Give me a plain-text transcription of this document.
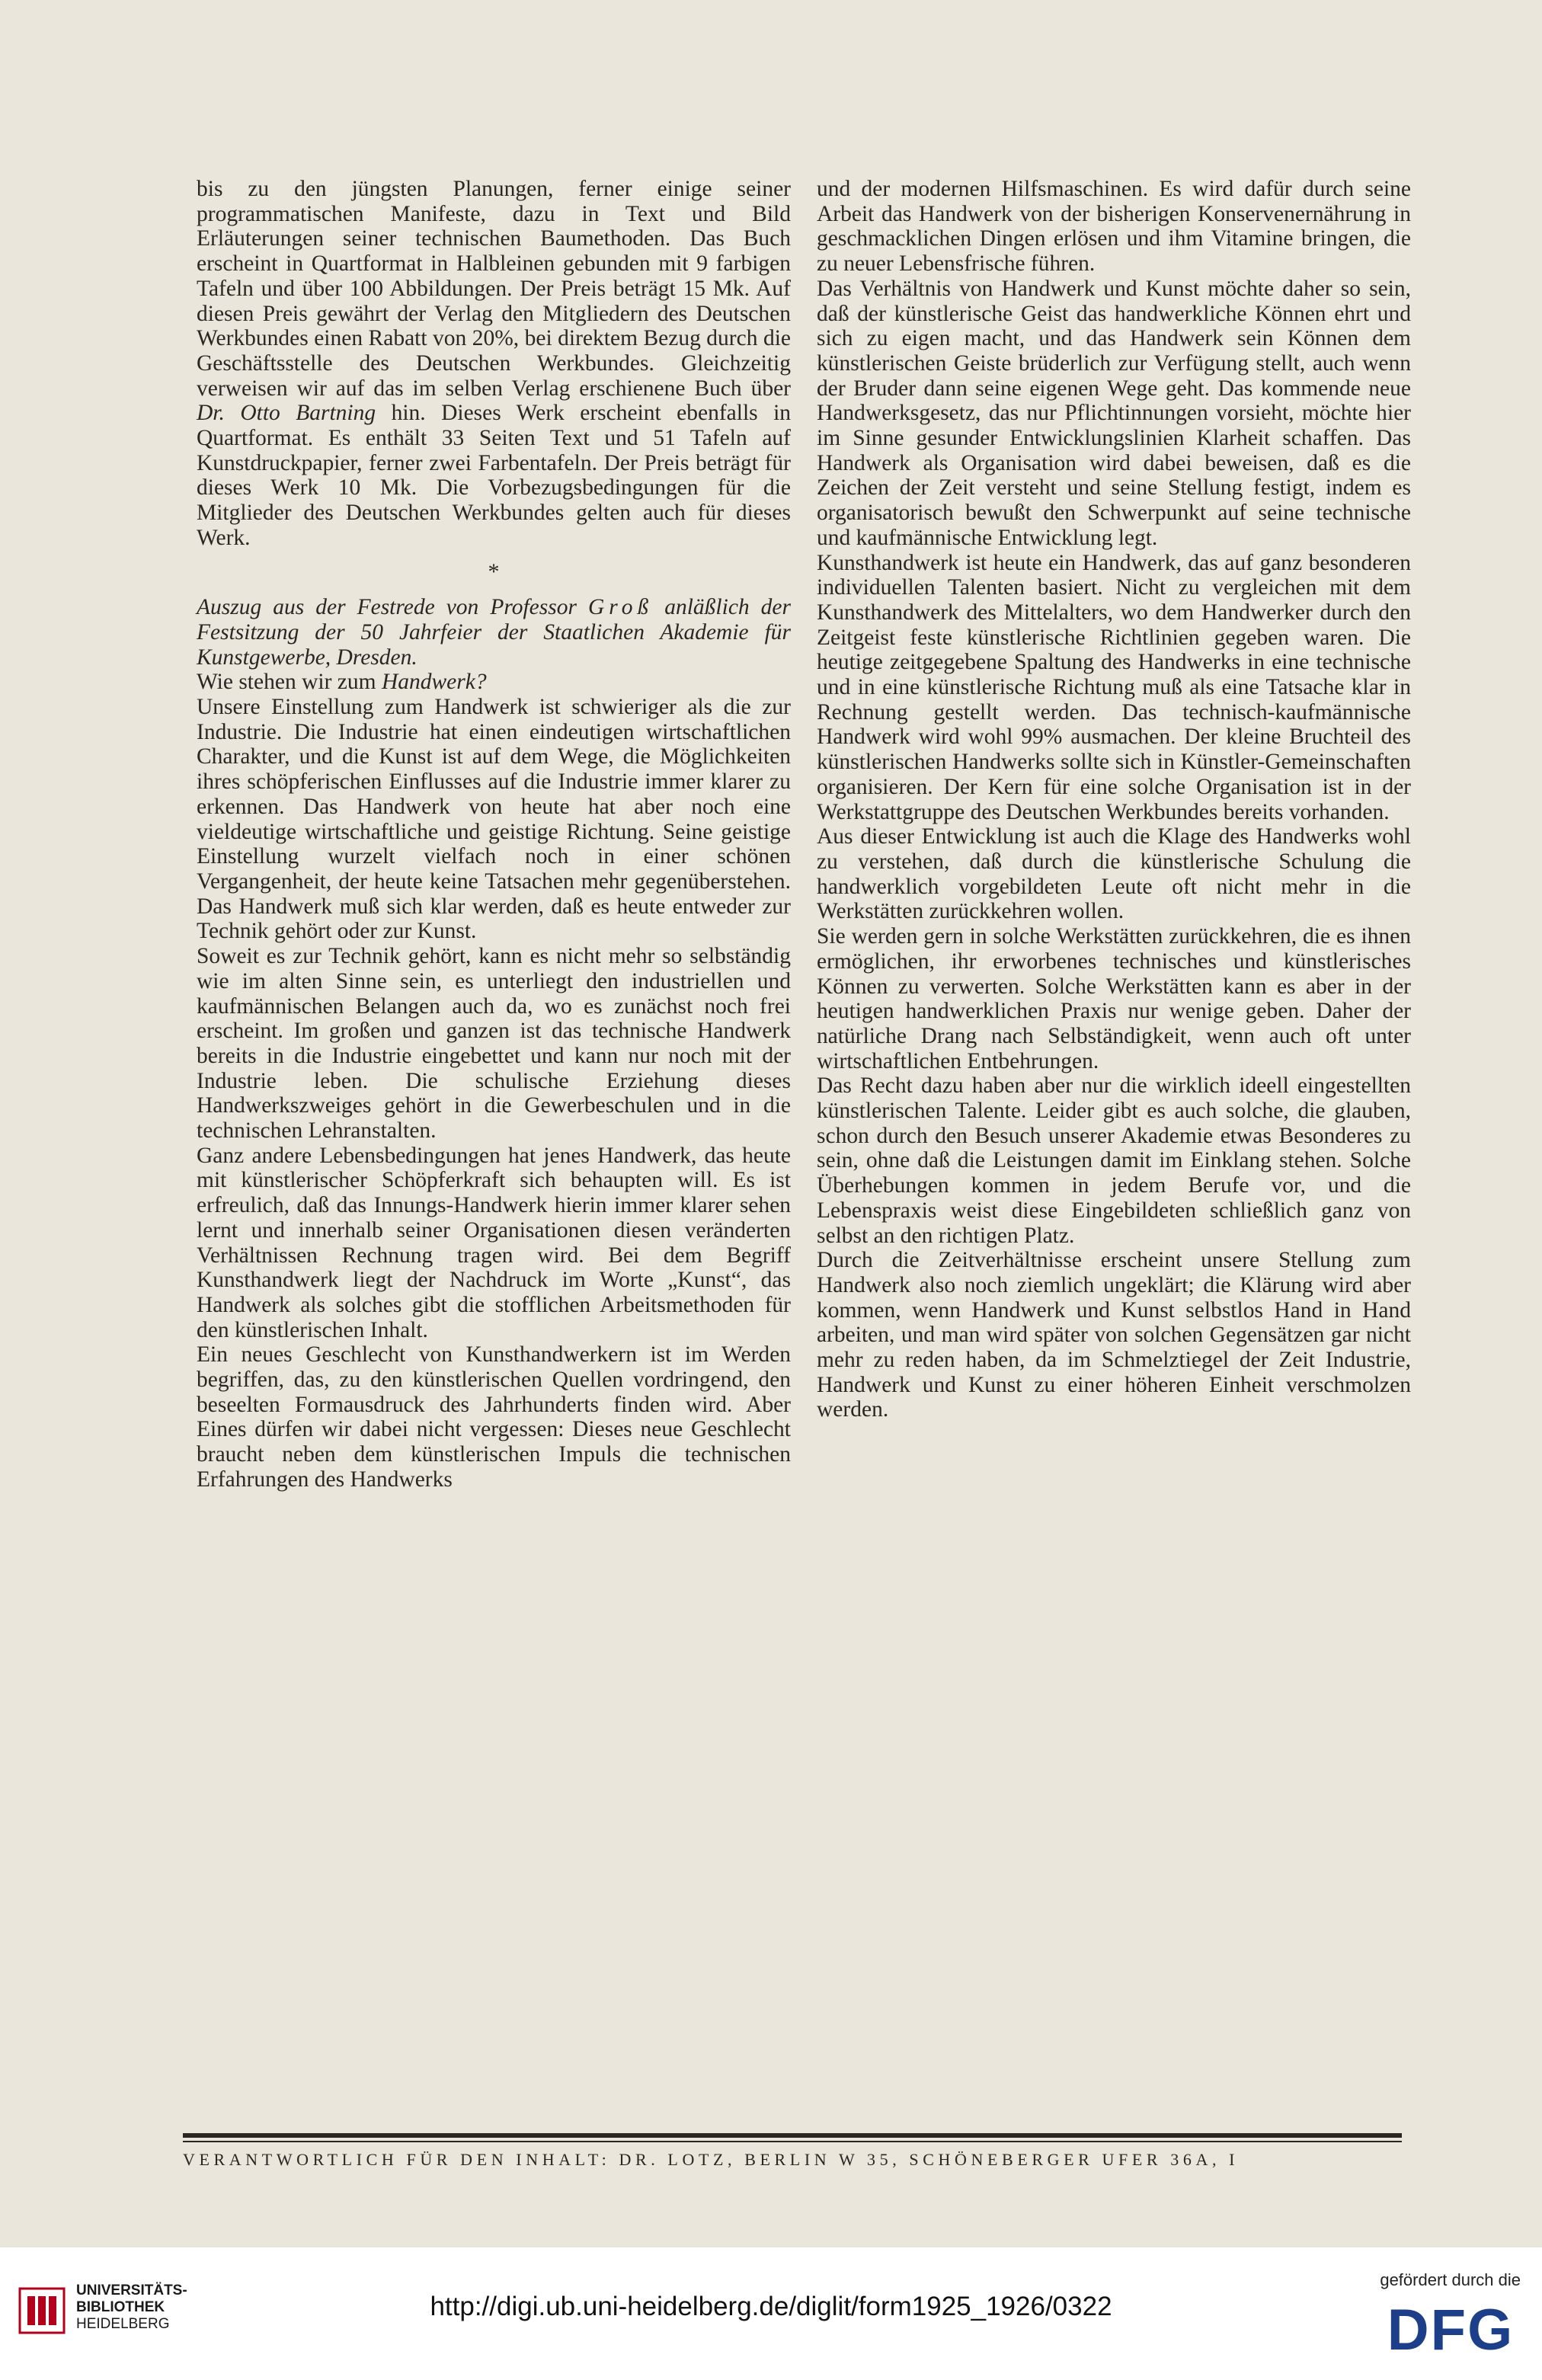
bis zu den jüngsten Planungen, ferner einige seiner programmatischen Manifeste, dazu in Text und Bild Erläuterungen seiner technischen Baumethoden. Das Buch erscheint in Quartformat in Halbleinen gebunden mit 9 farbigen Tafeln und über 100 Abbildungen. Der Preis beträgt 15 Mk. Auf diesen Preis gewährt der Verlag den Mitgliedern des Deutschen Werkbundes einen Rabatt von 20%, bei direktem Bezug durch die Geschäftsstelle des Deutschen Werkbundes. Gleichzeitig verweisen wir auf das im selben Verlag erschienene Buch über Dr. Otto Bartning hin. Dieses Werk erscheint ebenfalls in Quartformat. Es enthält 33 Seiten Text und 51 Tafeln auf Kunstdruckpapier, ferner zwei Farbentafeln. Der Preis beträgt für dieses Werk 10 Mk. Die Vorbezugsbedingungen für die Mitglieder des Deutschen Werkbundes gelten auch für dieses Werk.

*

Auszug aus der Festrede von Professor Groß anläßlich der Festsitzung der 50 Jahrfeier der Staatlichen Akademie für Kunstgewerbe, Dresden.

Wie stehen wir zum Handwerk?

Unsere Einstellung zum Handwerk ist schwieriger als die zur Industrie. Die Industrie hat einen eindeutigen wirtschaftlichen Charakter, und die Kunst ist auf dem Wege, die Möglichkeiten ihres schöpferischen Einflusses auf die Industrie immer klarer zu erkennen. Das Handwerk von heute hat aber noch eine vieldeutige wirtschaftliche und geistige Richtung. Seine geistige Einstellung wurzelt vielfach noch in einer schönen Vergangenheit, der heute keine Tatsachen mehr gegenüberstehen. Das Handwerk muß sich klar werden, daß es heute entweder zur Technik gehört oder zur Kunst.

Soweit es zur Technik gehört, kann es nicht mehr so selbständig wie im alten Sinne sein, es unterliegt den industriellen und kaufmännischen Belangen auch da, wo es zunächst noch frei erscheint. Im großen und ganzen ist das technische Handwerk bereits in die Industrie eingebettet und kann nur noch mit der Industrie leben. Die schulische Erziehung dieses Handwerkszweiges gehört in die Gewerbeschulen und in die technischen Lehranstalten.

Ganz andere Lebensbedingungen hat jenes Handwerk, das heute mit künstlerischer Schöpferkraft sich behaupten will. Es ist erfreulich, daß das Innungs-Handwerk hierin immer klarer sehen lernt und innerhalb seiner Organisationen diesen veränderten Verhältnissen Rechnung tragen wird. Bei dem Begriff Kunsthandwerk liegt der Nachdruck im Worte „Kunst“, das Handwerk als solches gibt die stofflichen Arbeitsmethoden für den künstlerischen Inhalt.

Ein neues Geschlecht von Kunsthandwerkern ist im Werden begriffen, das, zu den künstlerischen Quellen vordringend, den beseelten Formausdruck des Jahrhunderts finden wird. Aber Eines dürfen wir dabei nicht vergessen: Dieses neue Geschlecht braucht neben dem künstlerischen Impuls die technischen Erfahrungen des Handwerks

und der modernen Hilfsmaschinen. Es wird dafür durch seine Arbeit das Handwerk von der bisherigen Konservenernährung in geschmacklichen Dingen erlösen und ihm Vitamine bringen, die zu neuer Lebensfrische führen.

Das Verhältnis von Handwerk und Kunst möchte daher so sein, daß der künstlerische Geist das handwerkliche Können ehrt und sich zu eigen macht, und das Handwerk sein Können dem künstlerischen Geiste brüderlich zur Verfügung stellt, auch wenn der Bruder dann seine eigenen Wege geht. Das kommende neue Handwerksgesetz, das nur Pflichtinnungen vorsieht, möchte hier im Sinne gesunder Entwicklungslinien Klarheit schaffen. Das Handwerk als Organisation wird dabei beweisen, daß es die Zeichen der Zeit versteht und seine Stellung festigt, indem es organisatorisch bewußt den Schwerpunkt auf seine technische und kaufmännische Entwicklung legt.

Kunsthandwerk ist heute ein Handwerk, das auf ganz besonderen individuellen Talenten basiert. Nicht zu vergleichen mit dem Kunsthandwerk des Mittelalters, wo dem Handwerker durch den Zeitgeist feste künstlerische Richtlinien gegeben waren. Die heutige zeitgegebene Spaltung des Handwerks in eine technische und in eine künstlerische Richtung muß als eine Tatsache klar in Rechnung gestellt werden. Das technisch-kaufmännische Handwerk wird wohl 99% ausmachen. Der kleine Bruchteil des künstlerischen Handwerks sollte sich in Künstler-Gemeinschaften organisieren. Der Kern für eine solche Organisation ist in der Werkstattgruppe des Deutschen Werkbundes bereits vorhanden.

Aus dieser Entwicklung ist auch die Klage des Handwerks wohl zu verstehen, daß durch die künstlerische Schulung die handwerklich vorgebildeten Leute oft nicht mehr in die Werkstätten zurückkehren wollen.

Sie werden gern in solche Werkstätten zurückkehren, die es ihnen ermöglichen, ihr erworbenes technisches und künstlerisches Können zu verwerten. Solche Werkstätten kann es aber in der heutigen handwerklichen Praxis nur wenige geben. Daher der natürliche Drang nach Selbständigkeit, wenn auch oft unter wirtschaftlichen Entbehrungen.

Das Recht dazu haben aber nur die wirklich ideell eingestellten künstlerischen Talente. Leider gibt es auch solche, die glauben, schon durch den Besuch unserer Akademie etwas Besonderes zu sein, ohne daß die Leistungen damit im Einklang stehen. Solche Überhebungen kommen in jedem Berufe vor, und die Lebenspraxis weist diese Eingebildeten schließlich ganz von selbst an den richtigen Platz.

Durch die Zeitverhältnisse erscheint unsere Stellung zum Handwerk also noch ziemlich ungeklärt; die Klärung wird aber kommen, wenn Handwerk und Kunst selbstlos Hand in Hand arbeiten, und man wird später von solchen Gegensätzen gar nicht mehr zu reden haben, da im Schmelztiegel der Zeit Industrie, Handwerk und Kunst zu einer höheren Einheit verschmolzen werden.

VERANTWORTLICH FÜR DEN INHALT: DR. LOTZ, BERLIN W 35, SCHÖNEBERGER UFER 36A, I
UNIVERSITÄTS-
BIBLIOTHEK
HEIDELBERG
http://digi.ub.uni-heidelberg.de/diglit/form1925_1926/0322
gefördert durch die
DFG
